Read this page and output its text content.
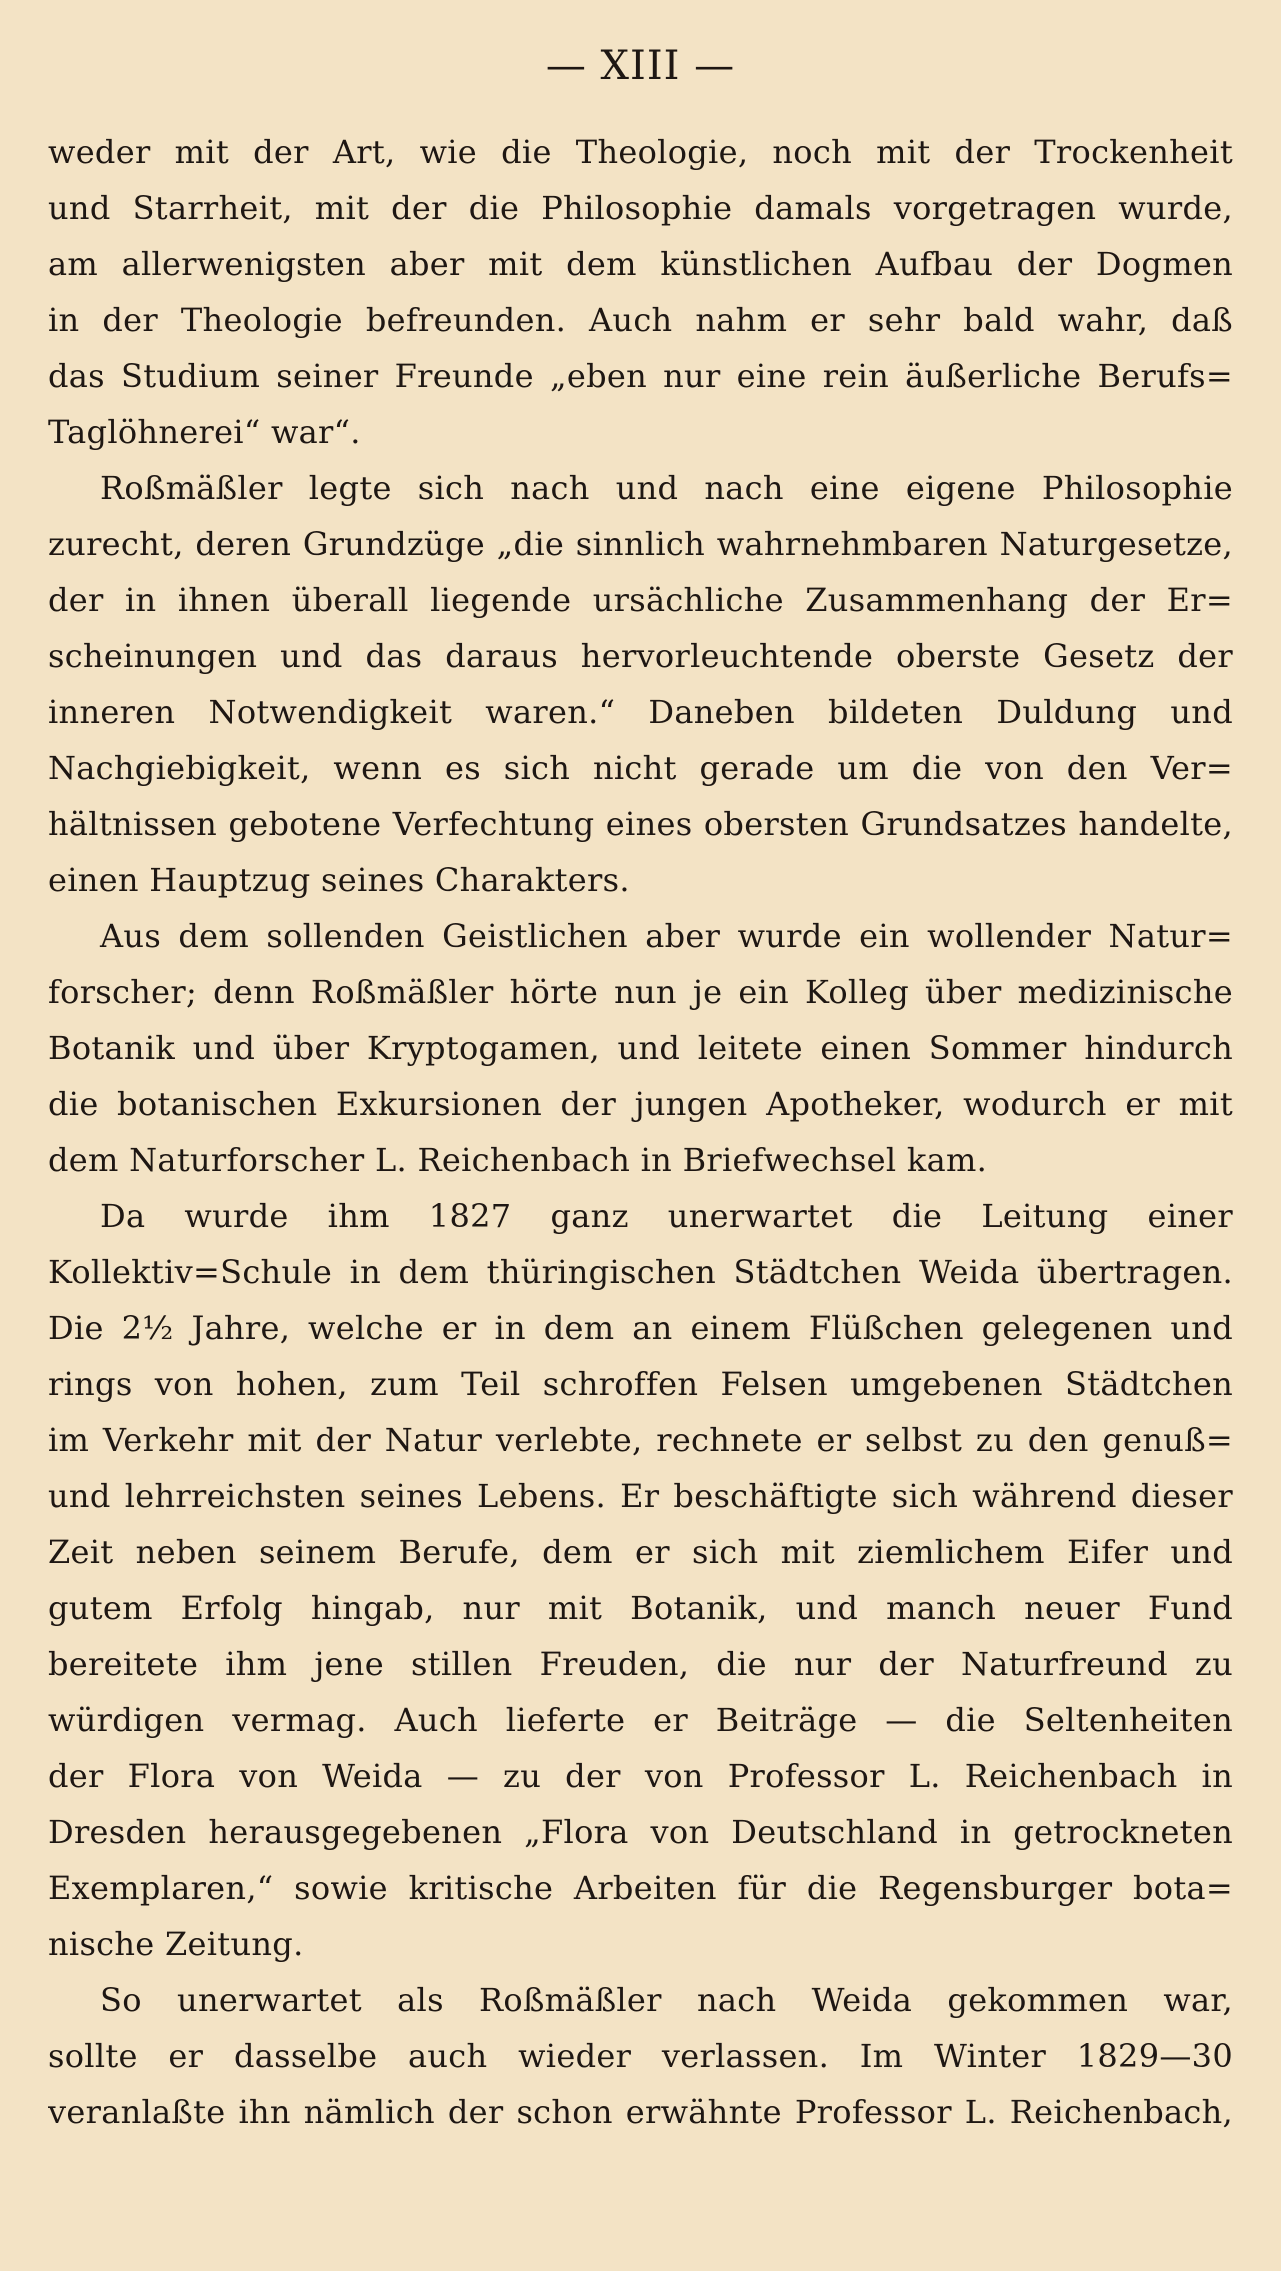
— XIII —
weder mit der Art, wie die Theologie, noch mit der Trockenheit
und Starrheit, mit der die Philosophie damals vorgetragen wurde,
am allerwenigsten aber mit dem künstlichen Aufbau der Dogmen
in der Theologie befreunden. Auch nahm er sehr bald wahr, daß
das Studium seiner Freunde „eben nur eine rein äußerliche Berufs=
Taglöhnerei“ war“.
Roßmäßler legte sich nach und nach eine eigene Philosophie
zurecht, deren Grundzüge „die sinnlich wahrnehmbaren Naturgesetze,
der in ihnen überall liegende ursächliche Zusammenhang der Er=
scheinungen und das daraus hervorleuchtende oberste Gesetz der
inneren Notwendigkeit waren.“ Daneben bildeten Duldung und
Nachgiebigkeit, wenn es sich nicht gerade um die von den Ver=
hältnissen gebotene Verfechtung eines obersten Grundsatzes handelte,
einen Hauptzug seines Charakters.
Aus dem sollenden Geistlichen aber wurde ein wollender Natur=
forscher; denn Roßmäßler hörte nun je ein Kolleg über medizinische
Botanik und über Kryptogamen, und leitete einen Sommer hindurch
die botanischen Exkursionen der jungen Apotheker, wodurch er mit
dem Naturforscher L. Reichenbach in Briefwechsel kam.
Da wurde ihm 1827 ganz unerwartet die Leitung einer
Kollektiv=Schule in dem thüringischen Städtchen Weida übertragen.
Die 2½ Jahre, welche er in dem an einem Flüßchen gelegenen und
rings von hohen, zum Teil schroffen Felsen umgebenen Städtchen
im Verkehr mit der Natur verlebte, rechnete er selbst zu den genuß=
und lehrreichsten seines Lebens. Er beschäftigte sich während dieser
Zeit neben seinem Berufe, dem er sich mit ziemlichem Eifer und
gutem Erfolg hingab, nur mit Botanik, und manch neuer Fund
bereitete ihm jene stillen Freuden, die nur der Naturfreund zu
würdigen vermag. Auch lieferte er Beiträge — die Seltenheiten
der Flora von Weida — zu der von Professor L. Reichenbach in
Dresden herausgegebenen „Flora von Deutschland in getrockneten
Exemplaren,“ sowie kritische Arbeiten für die Regensburger bota=
nische Zeitung.
So unerwartet als Roßmäßler nach Weida gekommen war,
sollte er dasselbe auch wieder verlassen. Im Winter 1829—30
veranlaßte ihn nämlich der schon erwähnte Professor L. Reichenbach,
